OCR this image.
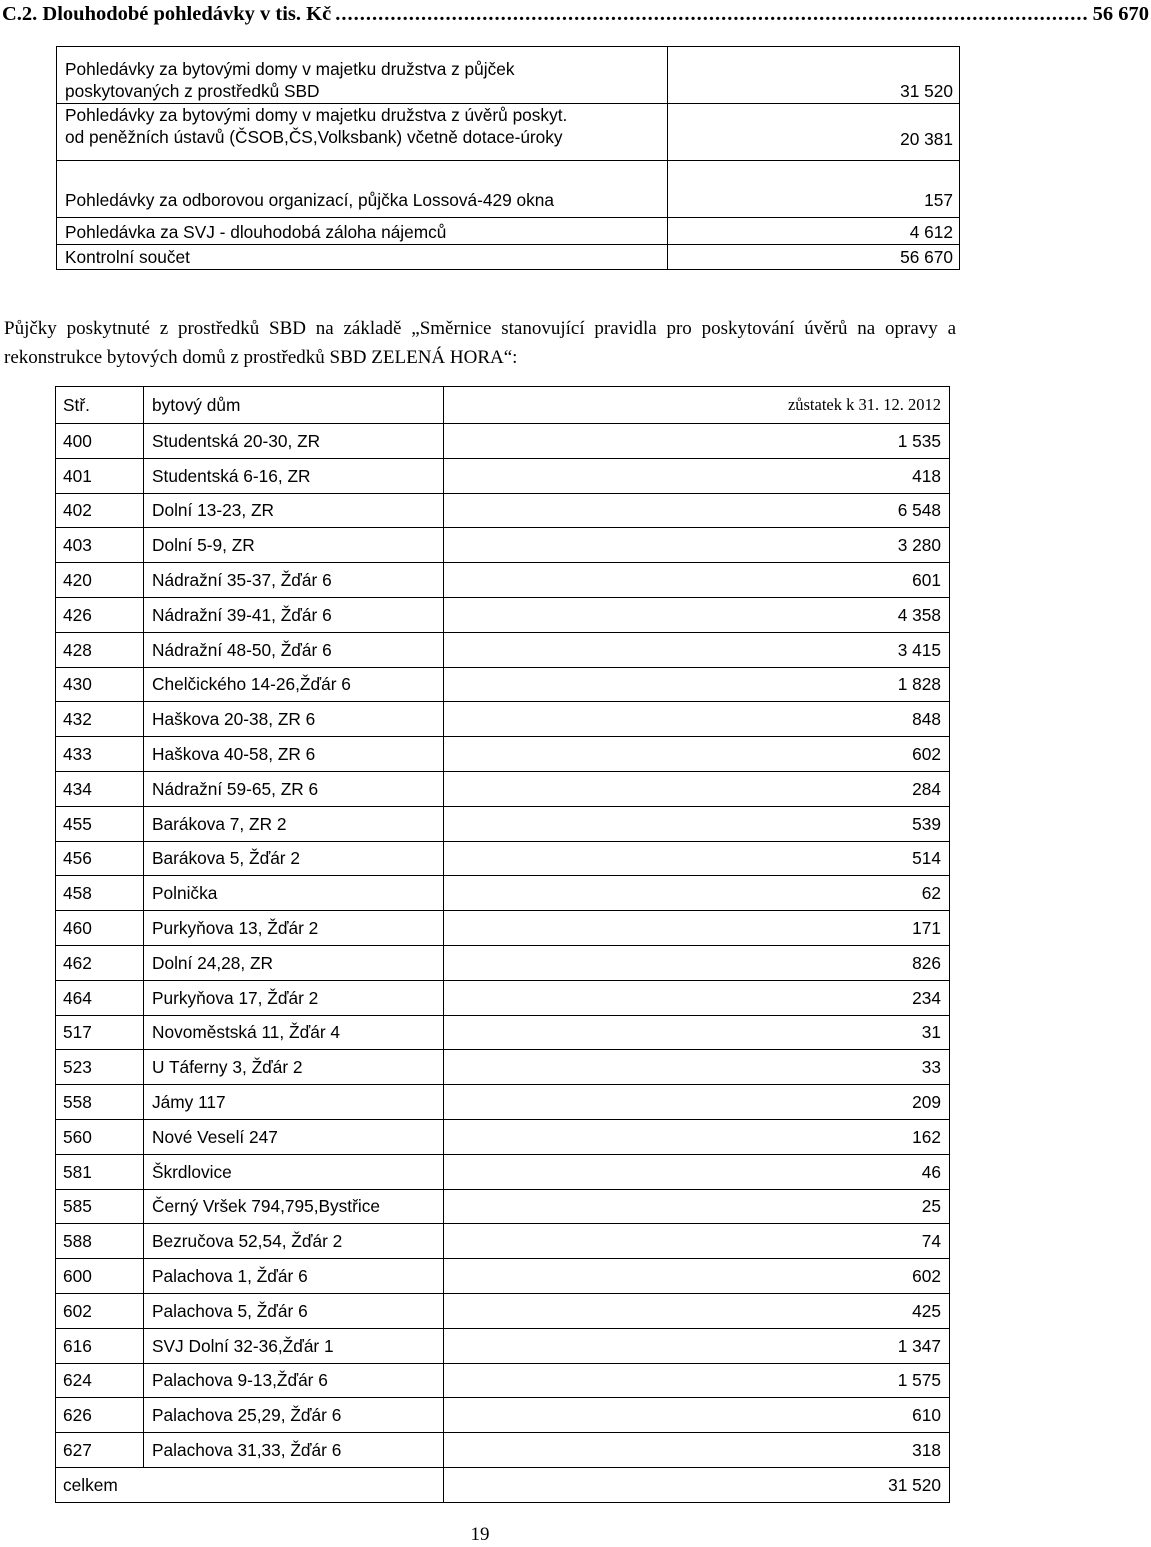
C.2. Dlouhodobé pohledávky v tis. Kč ........................................................................................................................... 56 670
Pohledávky za bytovými domy v majetku družstva z půjček
poskytovaných z prostředků SBD	31 520

Pohledávky za bytovými domy v majetku družstva z úvěrů poskyt.
od peněžních ústavů (ČSOB,ČS,Volksbank) včetně dotace-úroky	20 381

Pohledávky za odborovou organizací, půjčka Lossová-429 okna	157

Pohledávka za SVJ - dlouhodobá záloha nájemců	4 612

Kontrolní součet	56 670

Půjčky poskytnuté z prostředků SBD na základě „Směrnice stanovující pravidla pro poskytování úvěrů na opravy a rekonstrukce bytových domů z prostředků SBD ZELENÁ HORA“:

Stř.	bytový dům	zůstatek k 31. 12. 2012
400	Studentská 20-30, ZR	1 535
401	Studentská 6-16, ZR	418
402	Dolní 13-23, ZR	6 548
403	Dolní 5-9, ZR	3 280
420	Nádražní 35-37, Žďár 6	601
426	Nádražní 39-41, Žďár 6	4 358
428	Nádražní 48-50, Žďár 6	3 415
430	Chelčického 14-26,Žďár 6	1 828
432	Haškova 20-38, ZR 6	848
433	Haškova 40-58, ZR 6	602
434	Nádražní 59-65, ZR 6	284
455	Barákova 7, ZR 2	539
456	Barákova 5, Žďár 2	514
458	Polnička	62
460	Purkyňova 13, Žďár 2	171
462	Dolní 24,28, ZR	826
464	Purkyňova 17, Žďár 2	234
517	Novoměstská 11, Žďár 4	31
523	U Táferny 3, Žďár 2	33
558	Jámy 117	209
560	Nové Veselí 247	162
581	Škrdlovice	46
585	Černý Vršek 794,795,Bystřice	25
588	Bezručova 52,54, Žďár 2	74
600	Palachova 1, Žďár 6	602
602	Palachova 5, Žďár 6	425
616	SVJ Dolní 32-36,Žďár 1	1 347
624	Palachova 9-13,Žďár 6	1 575
626	Palachova 25,29, Žďár 6	610
627	Palachova 31,33, Žďár 6	318
celkem		31 520
19
